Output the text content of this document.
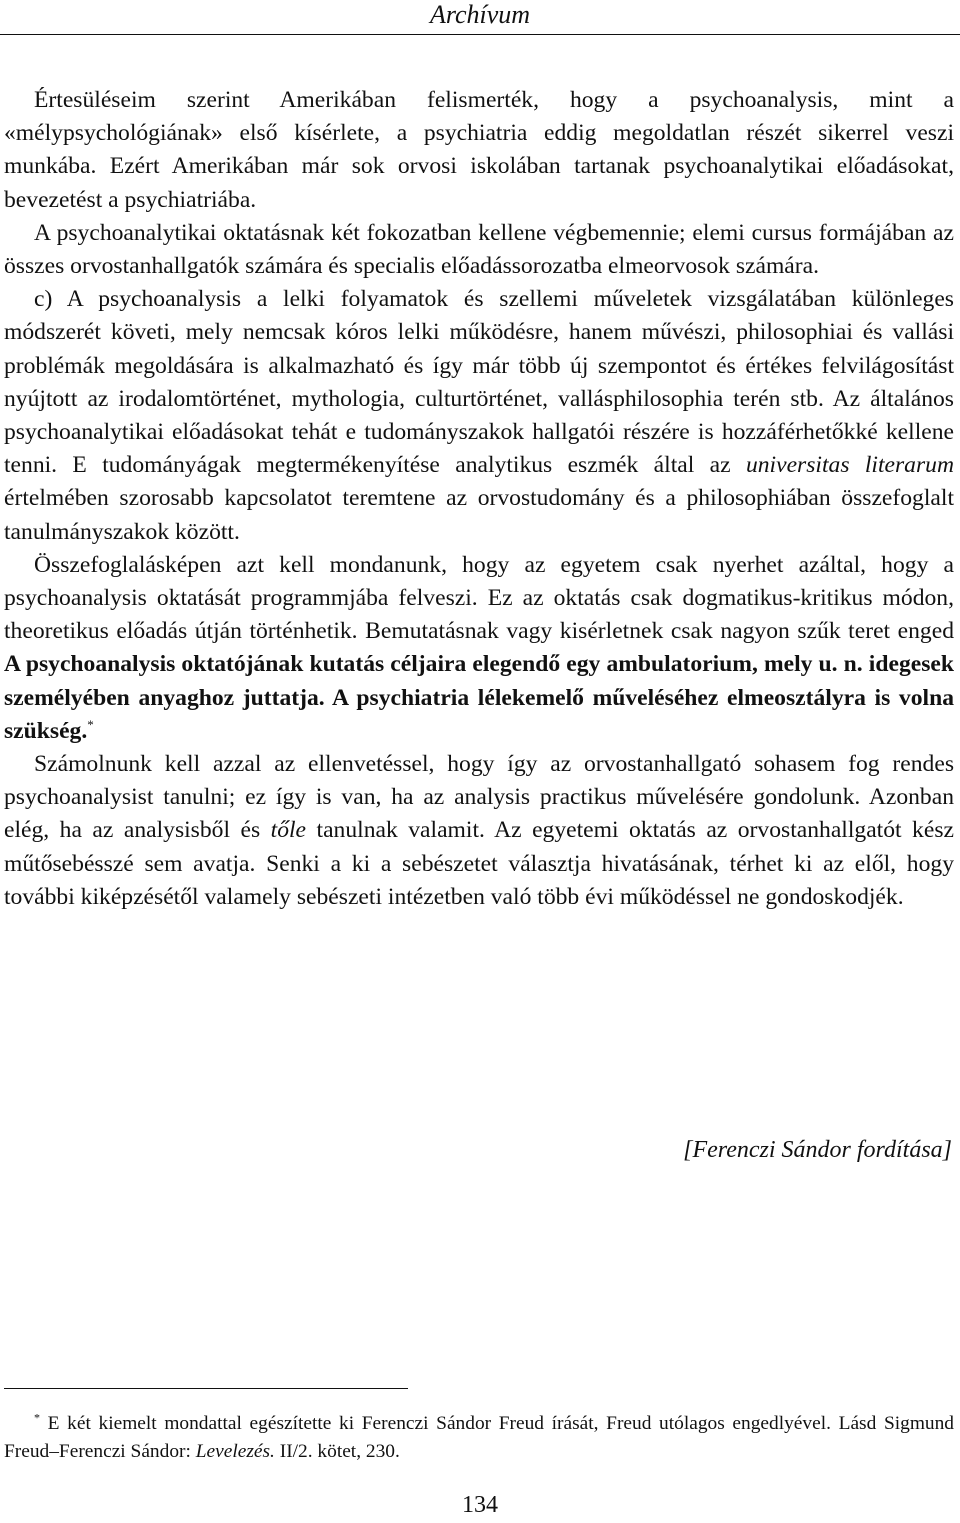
Archívum

Értesüléseim szerint Amerikában felismerték, hogy a psychoanalysis, mint a «mélypsychológiának» első kísérlete, a psychiatria eddig megoldatlan részét sikerrel veszi munkába. Ezért Amerikában már sok orvosi iskolában tartanak psychoanalytikai előadásokat, bevezetést a psychiatriába.

A psychoanalytikai oktatásnak két fokozatban kellene végbemennie; elemi cursus formájában az összes orvostanhallgatók számára és specialis előadássorozatba elmeorvosok számára.

c) A psychoanalysis a lelki folyamatok és szellemi műveletek vizsgálatában különleges módszerét követi, mely nemcsak kóros lelki működésre, hanem művészi, philosophiai és vallási problémák megoldására is alkalmazható és így már több új szempontot és értékes felvilágosítást nyújtott az irodalomtörténet, mythologia, culturtörténet, vallásphilosophia terén stb. Az általános psychoanalytikai előadásokat tehát e tudományszakok hallgatói részére is hozzáférhetőkké kellene tenni. E tudományágak megtermékenyítése analytikus eszmék által az universitas literarum értelmében szorosabb kapcsolatot teremtene az orvostudomány és a philosophiában összefoglalt tanulmányszakok között.

Összefoglalásképen azt kell mondanunk, hogy az egyetem csak nyerhet azáltal, hogy a psychoanalysis oktatását programmjába felveszi. Ez az oktatás csak dogmatikus-kritikus módon, theoretikus előadás útján történhetik. Bemutatásnak vagy kisérletnek csak nagyon szűk teret enged A psychoanalysis oktatójának kutatás céljaira elegendő egy ambulatorium, mely u. n. idegesek személyében anyaghoz juttatja. A psychiatria lélekemelő műveléséhez elmeosztályra is volna szükség.*

Számolnunk kell azzal az ellenvetéssel, hogy így az orvostanhallgató sohasem fog rendes psychoanalysist tanulni; ez így is van, ha az analysis practikus művelésére gondolunk. Azonban elég, ha az analysisből és tőle tanulnak valamit. Az egyetemi oktatás az orvostanhallgatót kész műtősebésszé sem avatja. Senki a ki a sebészetet választja hivatásának, térhet ki az elől, hogy további kiképzésétől valamely sebészeti intézetben való több évi működéssel ne gondoskodjék.

[Ferenczi Sándor fordítása]

* E két kiemelt mondattal egészítette ki Ferenczi Sándor Freud írását, Freud utólagos engedlyével. Lásd Sigmund Freud–Ferenczi Sándor: Levelezés. II/2. kötet, 230.

134
